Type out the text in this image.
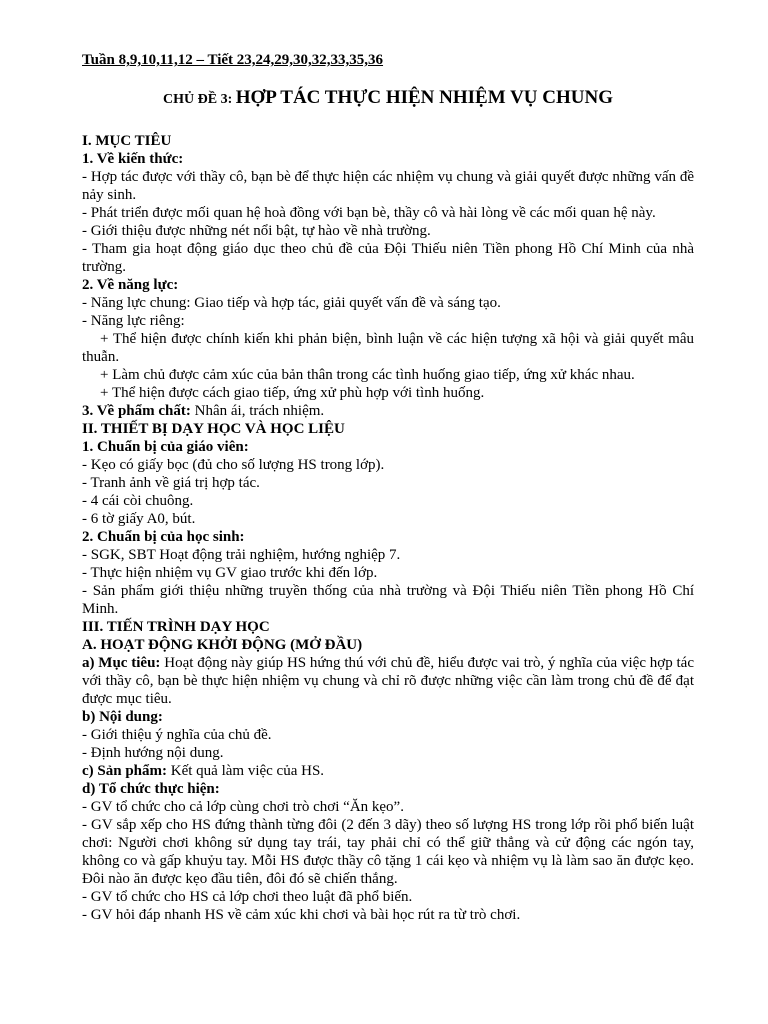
Tuần 8,9,10,11,12 – Tiết 23,24,29,30,32,33,35,36

CHỦ ĐỀ 3: HỢP TÁC THỰC HIỆN NHIỆM VỤ CHUNG

I. MỤC TIÊU

1. Về kiến thức:

- Hợp tác được với thầy cô, bạn bè để thực hiện các nhiệm vụ chung và giải quyết được những vấn đề nảy sinh.

- Phát triển được mối quan hệ hoà đồng với bạn bè, thầy cô và hài lòng về các mối quan hệ này.

- Giới thiệu được những nét nổi bật, tự hào về nhà trường.

- Tham gia hoạt động giáo dục theo chủ đề của Đội Thiếu niên Tiền phong Hồ Chí Minh của nhà trường.

2. Về năng lực:

- Năng lực chung: Giao tiếp và hợp tác, giải quyết vấn đề và sáng tạo.

- Năng lực riêng:

+ Thể hiện được chính kiến khi phản biện, bình luận về các hiện tượng xã hội và giải quyết mâu thuẫn.

+ Làm chủ được cảm xúc của bản thân trong các tình huống giao tiếp, ứng xử khác nhau.

+ Thể hiện được cách giao tiếp, ứng xử phù hợp với tình huống.

3. Về phẩm chất: Nhân ái, trách nhiệm.

II. THIẾT BỊ DẠY HỌC VÀ HỌC LIỆU

1. Chuẩn bị của giáo viên:

- Kẹo có giấy bọc (đủ cho số lượng HS trong lớp).

- Tranh ảnh về giá trị hợp tác.

- 4 cái còi chuông.

- 6 tờ giấy A0, bút.

2. Chuẩn bị của học sinh:

- SGK, SBT Hoạt động trải nghiệm, hướng nghiệp 7.

- Thực hiện nhiệm vụ GV giao trước khi đến lớp.

- Sản phẩm giới thiệu những truyền thống của nhà trường và Đội Thiếu niên Tiền phong Hồ Chí Minh.

III. TIẾN TRÌNH DẠY HỌC

A. HOẠT ĐỘNG KHỞI ĐỘNG (MỞ ĐẦU)

a) Mục tiêu: Hoạt động này giúp HS hứng thú với chủ đề, hiểu được vai trò, ý nghĩa của việc hợp tác với thầy cô, bạn bè thực hiện nhiệm vụ chung và chỉ rõ được những việc cần làm trong chủ đề để đạt được mục tiêu.

b) Nội dung:

- Giới thiệu ý nghĩa của chủ đề.

- Định hướng nội dung.

c) Sản phẩm: Kết quả làm việc của HS.

d) Tổ chức thực hiện:

- GV tổ chức cho cả lớp cùng chơi trò chơi “Ăn kẹo”.

- GV sắp xếp cho HS đứng thành từng đôi (2 đến 3 dãy) theo số lượng HS trong lớp rồi phổ biến luật chơi: Người chơi không sử dụng tay trái, tay phải chỉ có thể giữ thẳng và cử động các ngón tay, không co và gấp khuỷu tay. Mỗi HS được thầy cô tặng 1 cái kẹo và nhiệm vụ là làm sao ăn được kẹo. Đôi nào ăn được kẹo đầu tiên, đôi đó sẽ chiến thắng.

- GV tổ chức cho HS cả lớp chơi theo luật đã phổ biến.

- GV hỏi đáp nhanh HS về cảm xúc khi chơi và bài học rút ra từ trò chơi.
